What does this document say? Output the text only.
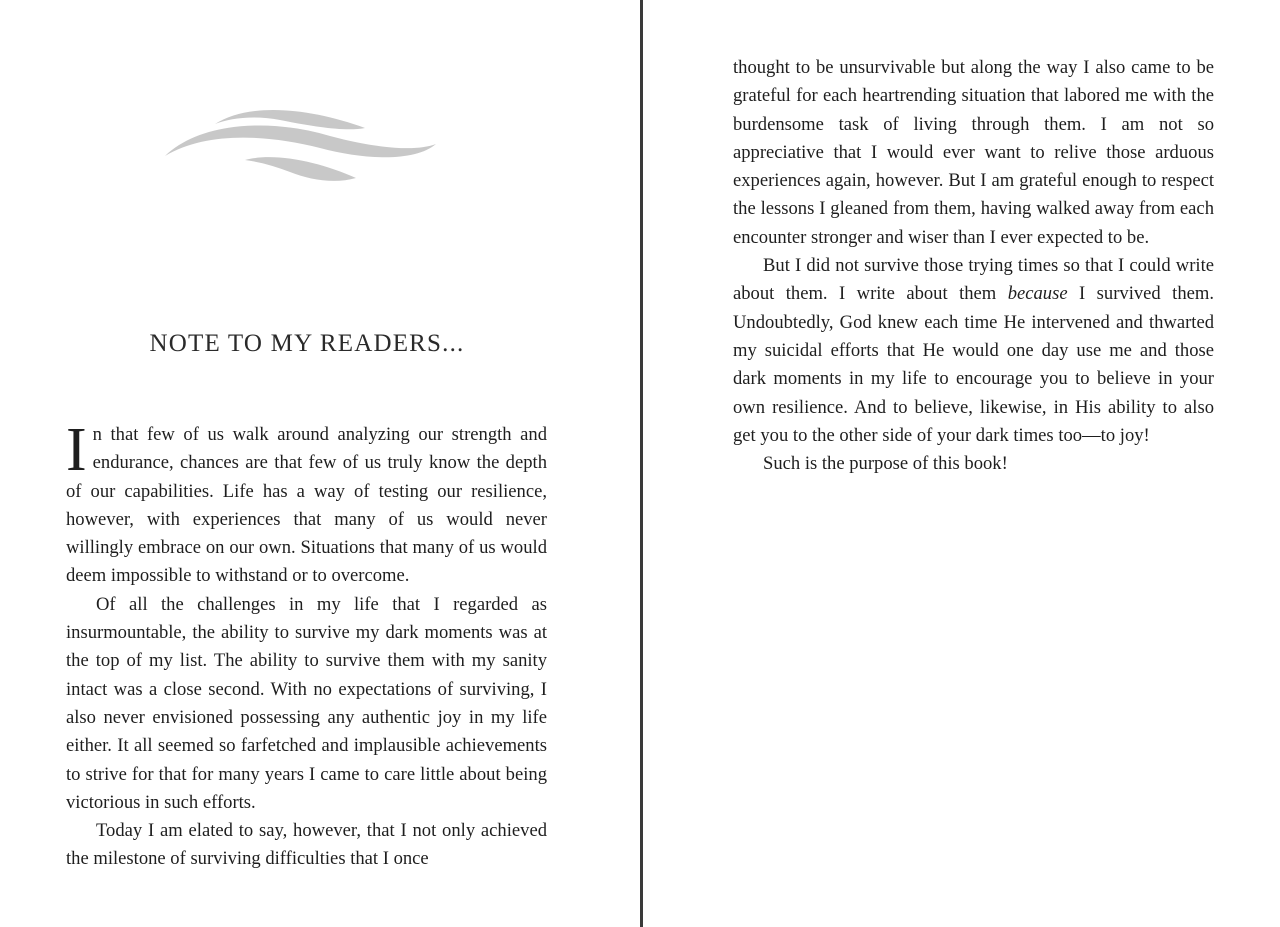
NOTE TO MY READERS...

In that few of us walk around analyzing our strength and endurance, chances are that few of us truly know the depth of our capabilities. Life has a way of testing our resilience, however, with experiences that many of us would never willingly embrace on our own. Situations that many of us would deem impossible to withstand or to overcome.

Of all the challenges in my life that I regarded as insurmountable, the ability to survive my dark moments was at the top of my list. The ability to survive them with my sanity intact was a close second. With no expectations of surviving, I also never envisioned possessing any authentic joy in my life either. It all seemed so farfetched and implausible achievements to strive for that for many years I came to care little about being victorious in such efforts.

Today I am elated to say, however, that I not only achieved the milestone of surviving difficulties that I once

thought to be unsurvivable but along the way I also came to be grateful for each heartrending situation that labored me with the burdensome task of living through them. I am not so appreciative that I would ever want to relive those arduous experiences again, however. But I am grateful enough to respect the lessons I gleaned from them, having walked away from each encounter stronger and wiser than I ever expected to be.

But I did not survive those trying times so that I could write about them. I write about them because I survived them. Undoubtedly, God knew each time He intervened and thwarted my suicidal efforts that He would one day use me and those dark moments in my life to encourage you to believe in your own resilience. And to believe, likewise, in His ability to also get you to the other side of your dark times too—to joy!

Such is the purpose of this book!
